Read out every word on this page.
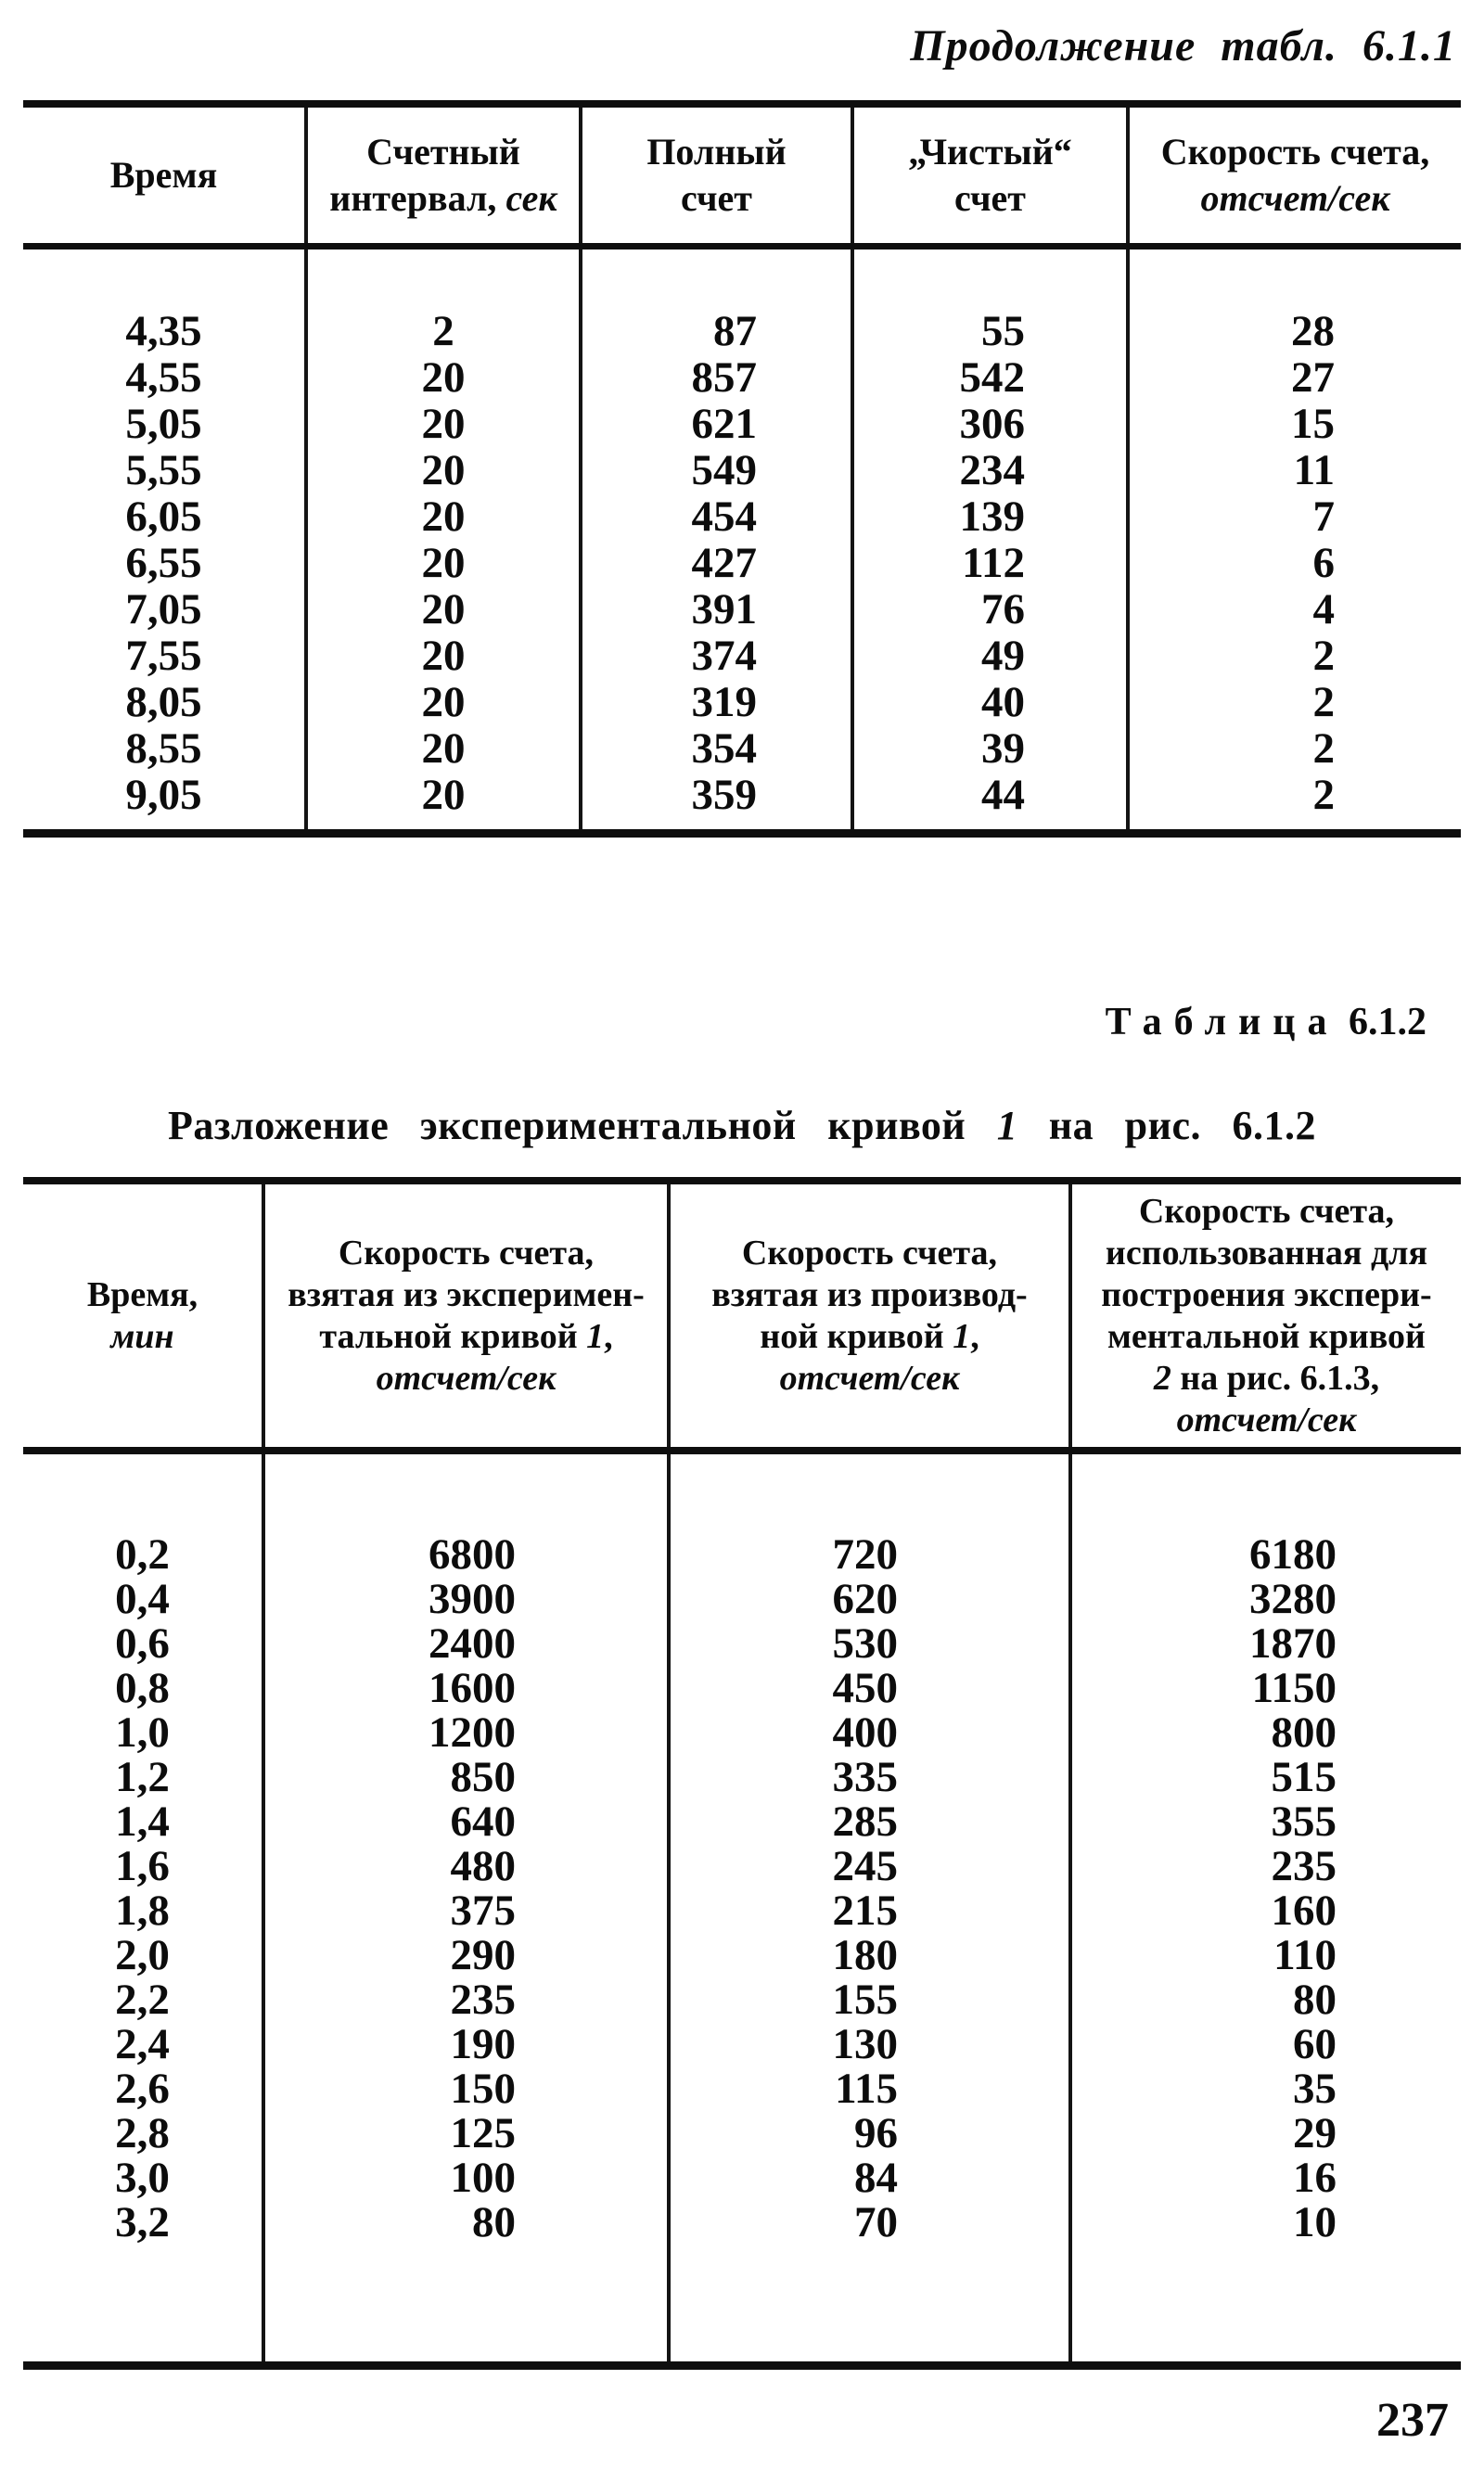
Продолжение табл. 6.1.1
Время

Счетный
интервал, сек

Полный
счет

„Чистый“
счет

Скорость счета,
отсчет/сек

4,35	2	87	55	28
4,55	20	857	542	27
5,05	20	621	306	15
5,55	20	549	234	11
6,05	20	454	139	7
6,55	20	427	112	6
7,05	20	391	76	4
7,55	20	374	49	2
8,05	20	319	40	2
8,55	20	354	39	2
9,05	20	359	44	2
Таблица 6.1.2
Разложение экспериментальной кривой 1 на рис. 6.1.2
Время,
мин

Скорость счета,
взятая из эксперимен-
тальной кривой 1,
отсчет/сек

Скорость счета,
взятая из производ-
ной кривой 1,
отсчет/сек

Скорость счета,
использованная для
построения экспери-
ментальной кривой
2 на рис. 6.1.3,
отсчет/сек

0,2	6800	720	6180
0,4	3900	620	3280
0,6	2400	530	1870
0,8	1600	450	1150
1,0	1200	400	800
1,2	850	335	515
1,4	640	285	355
1,6	480	245	235
1,8	375	215	160
2,0	290	180	110
2,2	235	155	80
2,4	190	130	60
2,6	150	115	35
2,8	125	96	29
3,0	100	84	16
3,2	80	70	10
237
